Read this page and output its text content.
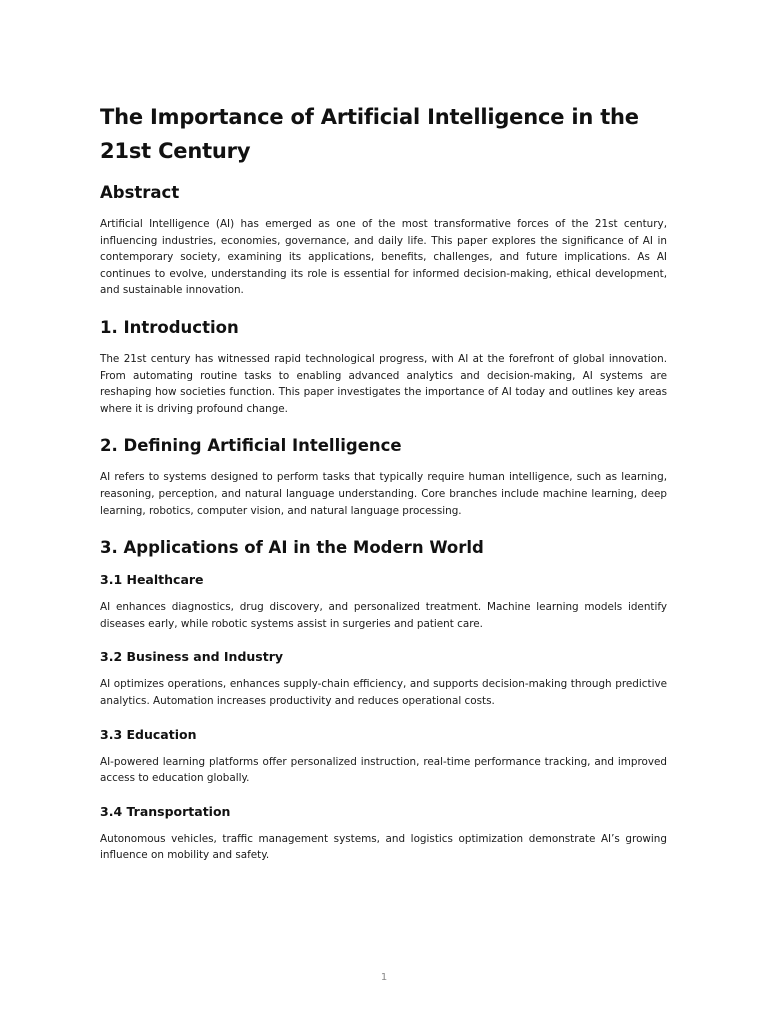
The Importance of Artificial Intelligence in the 21st Century
Abstract

Artificial Intelligence (AI) has emerged as one of the most transformative forces of the 21st century, influencing industries, economies, governance, and daily life. This paper explores the significance of AI in contemporary society, examining its applications, benefits, challenges, and future implications. As AI continues to evolve, understanding its role is essential for informed decision-making, ethical development, and sustainable innovation.

1. Introduction

The 21st century has witnessed rapid technological progress, with AI at the forefront of global innovation. From automating routine tasks to enabling advanced analytics and decision-making, AI systems are reshaping how societies function. This paper investigates the importance of AI today and outlines key areas where it is driving profound change.

2. Defining Artificial Intelligence

AI refers to systems designed to perform tasks that typically require human intelligence, such as learning, reasoning, perception, and natural language understanding. Core branches include machine learning, deep learning, robotics, computer vision, and natural language processing.

3. Applications of AI in the Modern World
3.1 Healthcare

AI enhances diagnostics, drug discovery, and personalized treatment. Machine learning models identify diseases early, while robotic systems assist in surgeries and patient care.

3.2 Business and Industry

AI optimizes operations, enhances supply-chain efficiency, and supports decision-making through predictive analytics. Automation increases productivity and reduces operational costs.

3.3 Education

AI-powered learning platforms offer personalized instruction, real-time performance tracking, and improved access to education globally.

3.4 Transportation

Autonomous vehicles, traffic management systems, and logistics optimization demonstrate AI’s growing influence on mobility and safety.

1
